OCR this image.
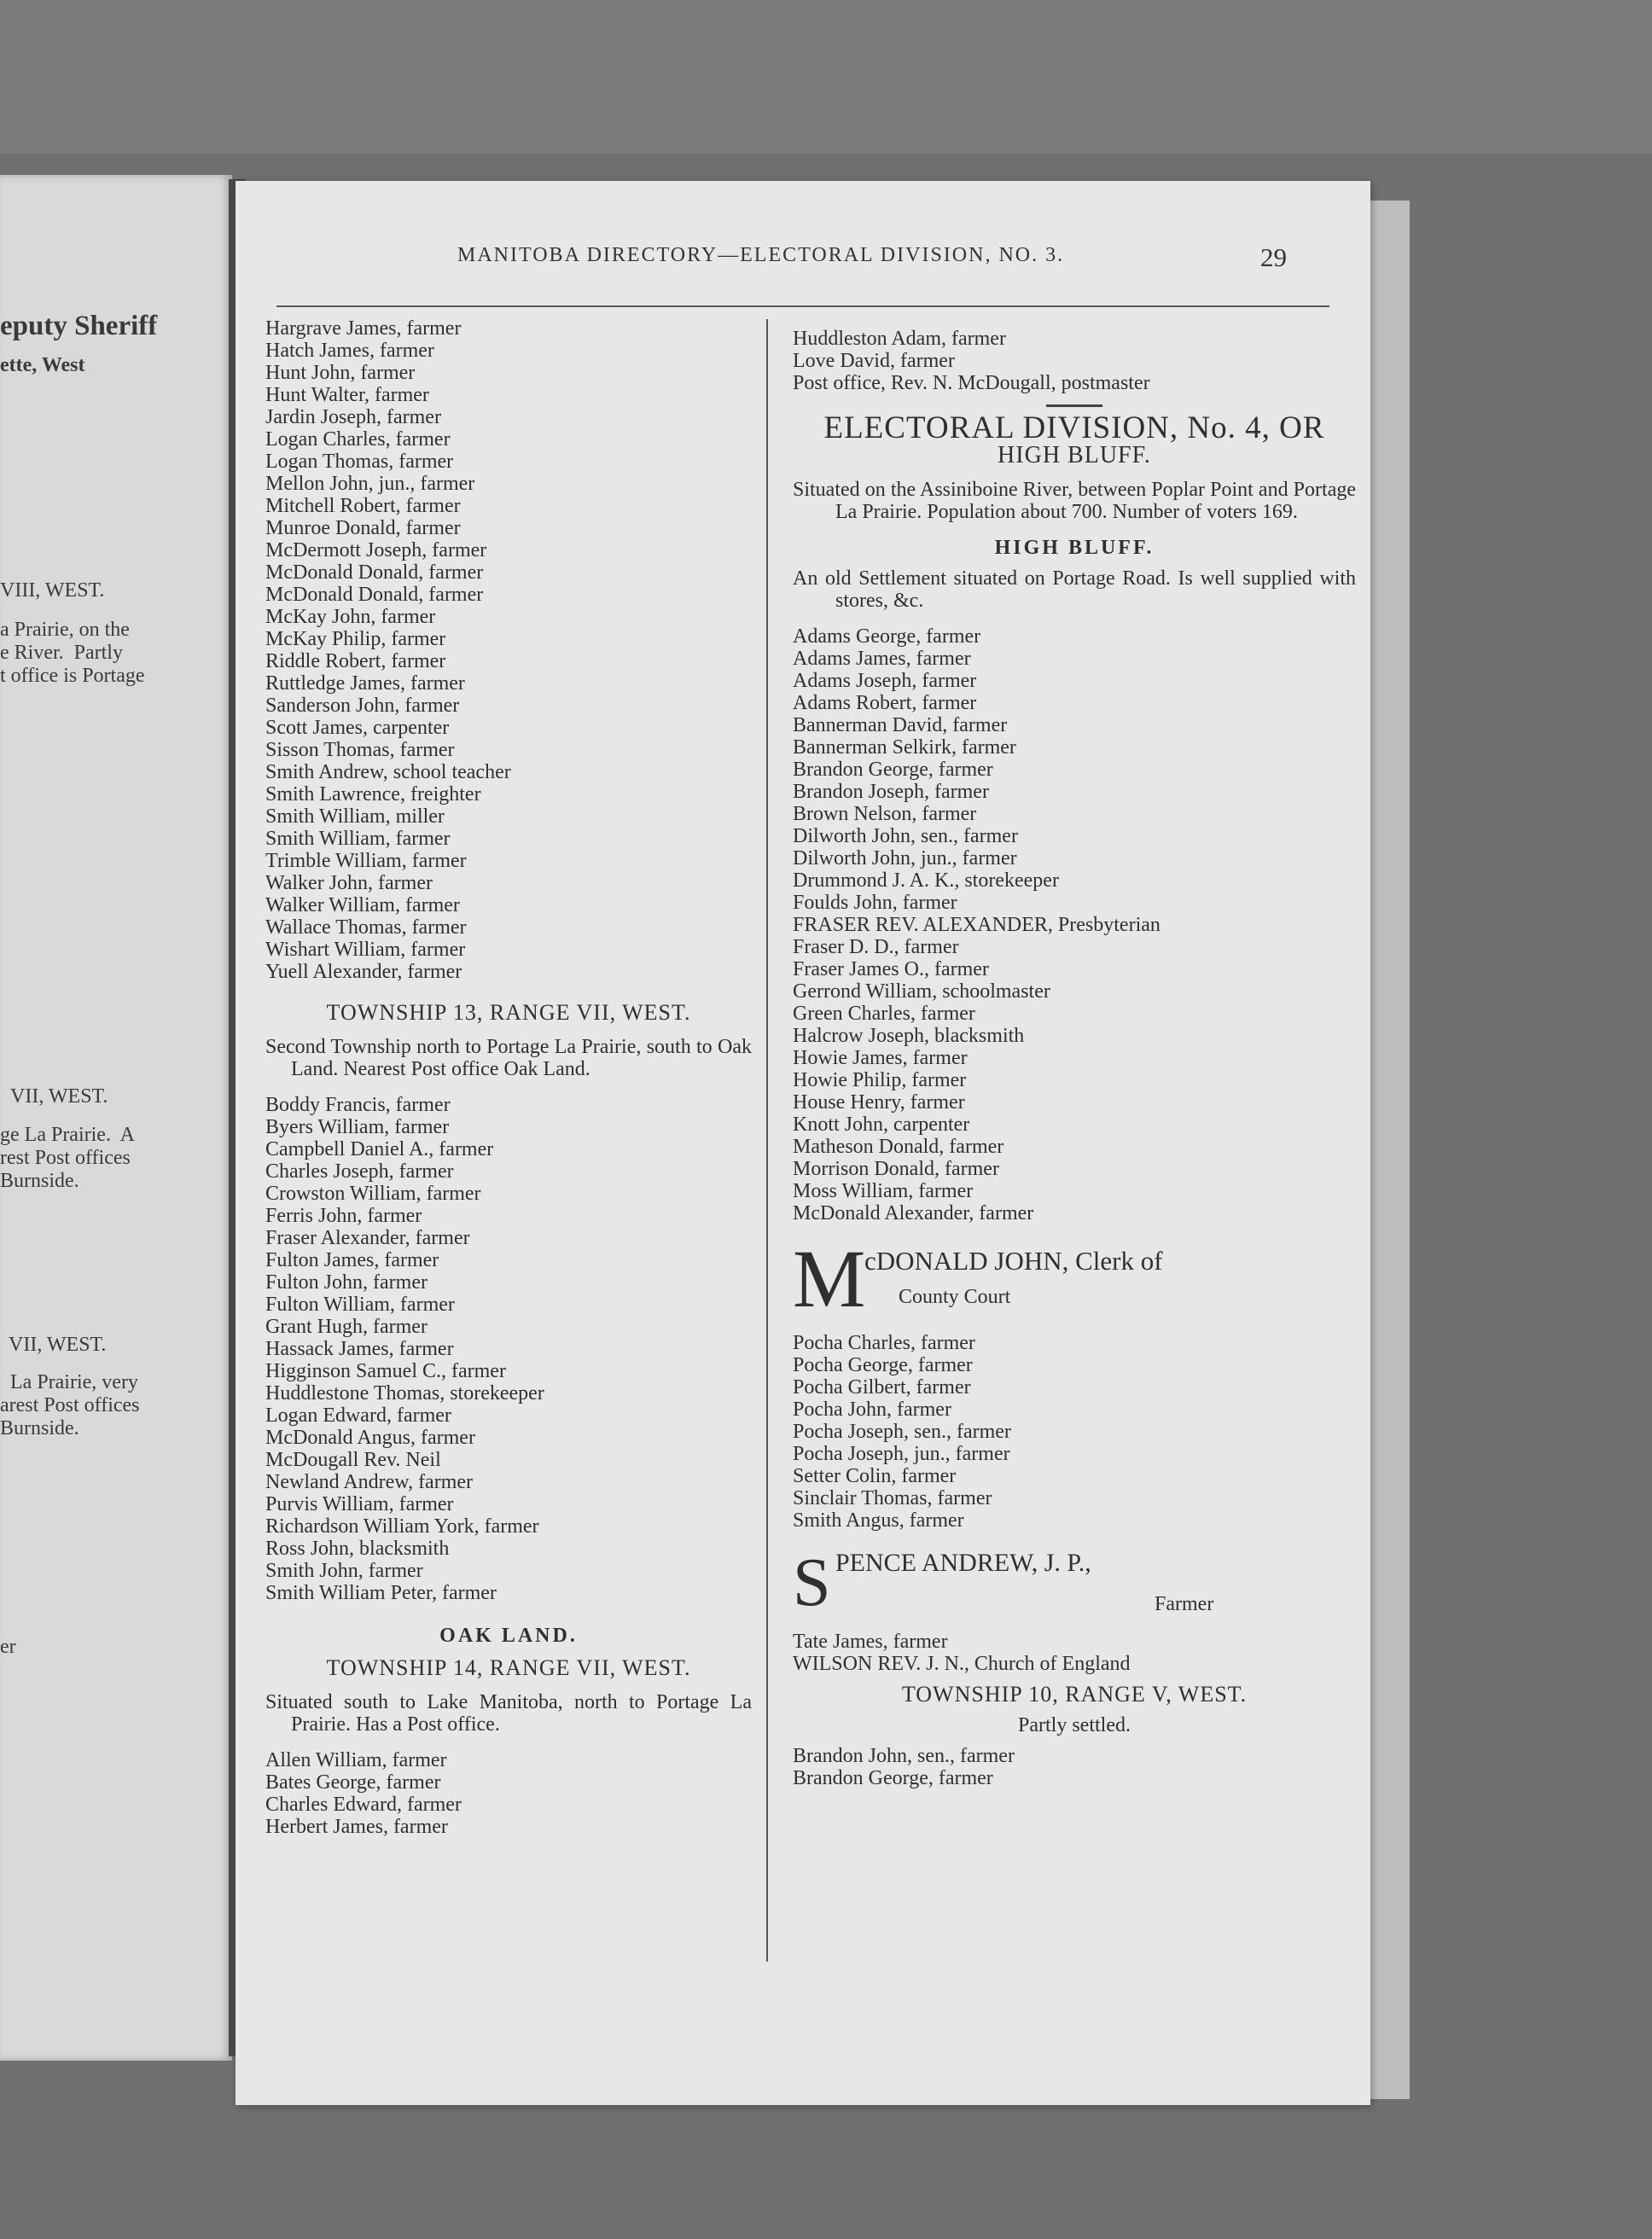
eputy Sheriff
ette, West
VIII, WEST.
a Prairie, on the
e River.  Partly
t office is Portage
VII, WEST.
ge La Prairie.  A
rest Post offices
Burnside.
VII, WEST.
La Prairie, very
arest Post offices
Burnside.
er
MANITOBA DIRECTORY—ELECTORAL DIVISION, NO. 3.	29
Hargrave James, farmer
Hatch James, farmer
Hunt John, farmer
Hunt Walter, farmer
Jardin Joseph, farmer
Logan Charles, farmer
Logan Thomas, farmer
Mellon John, jun., farmer
Mitchell Robert, farmer
Munroe Donald, farmer
McDermott Joseph, farmer
McDonald Donald, farmer
McDonald Donald, farmer
McKay John, farmer
McKay Philip, farmer
Riddle Robert, farmer
Ruttledge James, farmer
Sanderson John, farmer
Scott James, carpenter
Sisson Thomas, farmer
Smith Andrew, school teacher
Smith Lawrence, freighter
Smith William, miller
Smith William, farmer
Trimble William, farmer
Walker John, farmer
Walker William, farmer
Wallace Thomas, farmer
Wishart William, farmer
Yuell Alexander, farmer
TOWNSHIP 13, RANGE VII, WEST.
Second Township north to Portage La Prairie, south to Oak Land. Nearest Post office Oak Land.
Boddy Francis, farmer
Byers William, farmer
Campbell Daniel A., farmer
Charles Joseph, farmer
Crowston William, farmer
Ferris John, farmer
Fraser Alexander, farmer
Fulton James, farmer
Fulton John, farmer
Fulton William, farmer
Grant Hugh, farmer
Hassack James, farmer
Higginson Samuel C., farmer
Huddlestone Thomas, storekeeper
Logan Edward, farmer
McDonald Angus, farmer
McDougall Rev. Neil
Newland Andrew, farmer
Purvis William, farmer
Richardson William York, farmer
Ross John, blacksmith
Smith John, farmer
Smith William Peter, farmer
OAK LAND.
TOWNSHIP 14, RANGE VII, WEST.
Situated south to Lake Manitoba, north to Portage La Prairie. Has a Post office.
Allen William, farmer
Bates George, farmer
Charles Edward, farmer
Herbert James, farmer
Huddleston Adam, farmer
Love David, farmer
Post office, Rev. N. McDougall, postmaster
ELECTORAL DIVISION, No. 4, OR
HIGH BLUFF.
Situated on the Assiniboine River, between Poplar Point and Portage La Prairie. Population about 700. Number of voters 169.
HIGH BLUFF.
An old Settlement situated on Portage Road. Is well supplied with stores, &c.
Adams George, farmer
Adams James, farmer
Adams Joseph, farmer
Adams Robert, farmer
Bannerman David, farmer
Bannerman Selkirk, farmer
Brandon George, farmer
Brandon Joseph, farmer
Brown Nelson, farmer
Dilworth John, sen., farmer
Dilworth John, jun., farmer
Drummond J. A. K., storekeeper
Foulds John, farmer
FRASER REV. ALEXANDER, Presbyterian
Fraser D. D., farmer
Fraser James O., farmer
Gerrond William, schoolmaster
Green Charles, farmer
Halcrow Joseph, blacksmith
Howie James, farmer
Howie Philip, farmer
House Henry, farmer
Knott John, carpenter
Matheson Donald, farmer
Morrison Donald, farmer
Moss William, farmer
McDonald Alexander, farmer
M
cDONALD JOHN, Clerk of
County Court
Pocha Charles, farmer
Pocha George, farmer
Pocha Gilbert, farmer
Pocha John, farmer
Pocha Joseph, sen., farmer
Pocha Joseph, jun., farmer
Setter Colin, farmer
Sinclair Thomas, farmer
Smith Angus, farmer
S PENCE ANDREW, J. P.,
Farmer
Tate James, farmer
WILSON REV. J. N., Church of England
TOWNSHIP 10, RANGE V, WEST.
Partly settled.
Brandon John, sen., farmer
Brandon George, farmer
